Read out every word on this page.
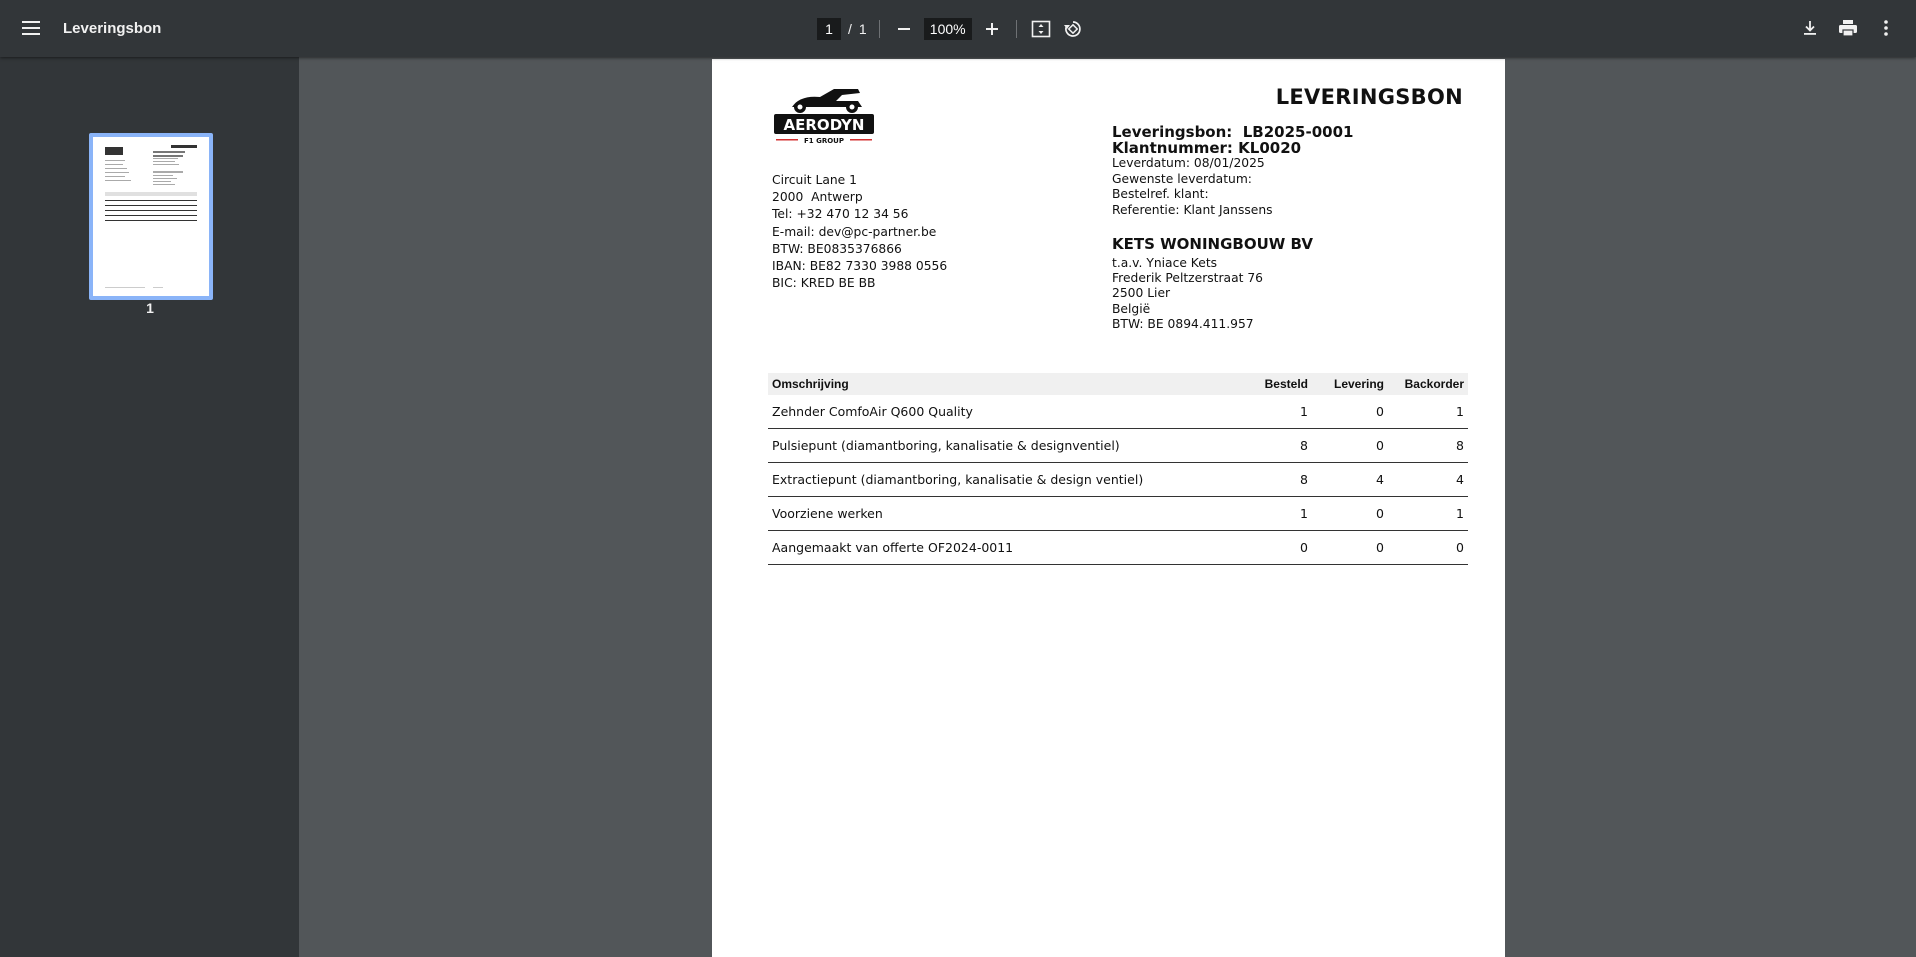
Leveringsbon	1	/ 1	100%
1
AERODYN
F1 GROUP
LEVERINGSBON
Circuit Lane 1
2000  Antwerp
Tel: +32 470 12 34 56
E-mail: dev@pc-partner.be
BTW: BE0835376866
IBAN: BE82 7330 3988 0556
BIC: KRED BE BB
Leveringsbon:  LB2025-0001
Klantnummer: KL0020
Leverdatum: 08/01/2025
Gewenste leverdatum:
Bestelref. klant:
Referentie: Klant Janssens
KETS WONINGBOUW BV
t.a.v. Yniace Kets
Frederik Peltzerstraat 76
2500 Lier
België
BTW: BE 0894.411.957
Omschrijving	Besteld	Levering	Backorder
Zehnder ComfoAir Q600 Quality	1	0	1
Pulsiepunt (diamantboring, kanalisatie & designventiel)	8	0	8
Extractiepunt (diamantboring, kanalisatie & design ventiel)	8	4	4
Voorziene werken	1	0	1
Aangemaakt van offerte OF2024-0011	0	0	0
